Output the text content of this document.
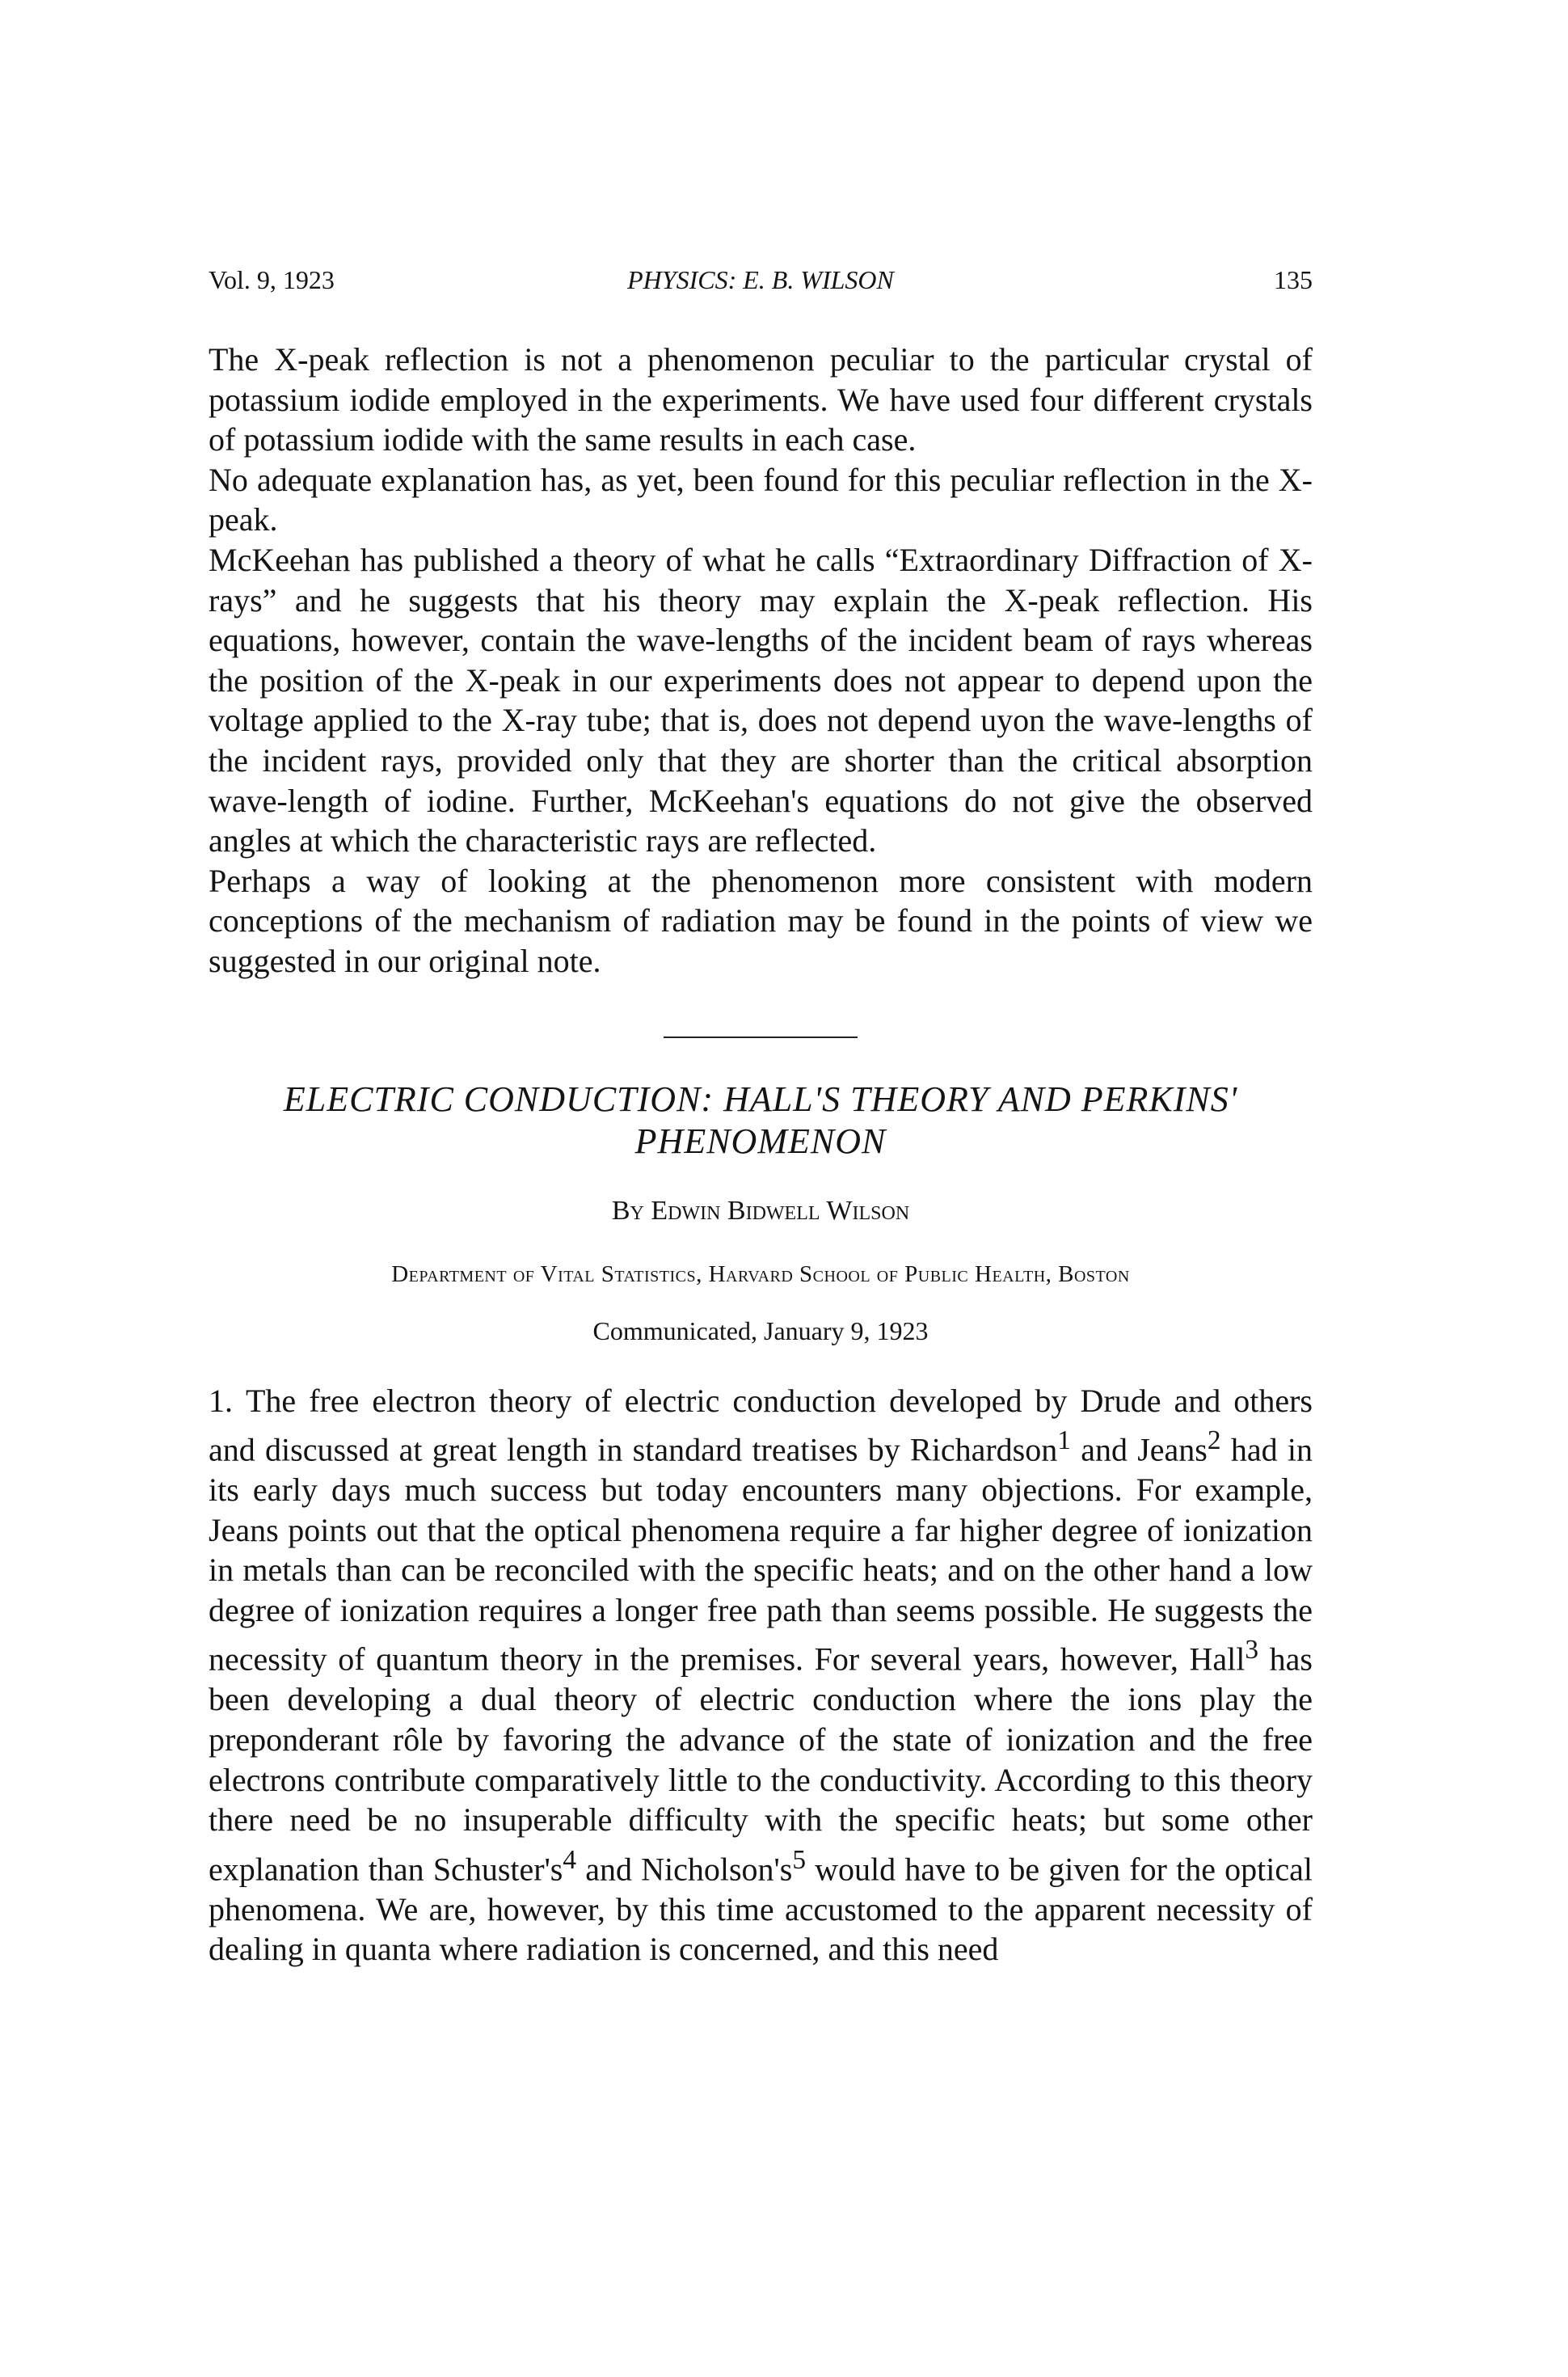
Vol. 9, 1923	PHYSICS: E. B. WILSON	135

The X-peak reflection is not a phenomenon peculiar to the particular crystal of potassium iodide employed in the experiments. We have used four different crystals of potassium iodide with the same results in each case.

No adequate explanation has, as yet, been found for this peculiar reflection in the X-peak.

McKeehan has published a theory of what he calls “Extraordinary Diffraction of X-rays” and he suggests that his theory may explain the X-peak reflection. His equations, however, contain the wave-lengths of the incident beam of rays whereas the position of the X-peak in our experiments does not appear to depend upon the voltage applied to the X-ray tube; that is, does not depend uyon the wave-lengths of the incident rays, provided only that they are shorter than the critical absorption wave-length of iodine. Further, McKeehan's equations do not give the observed angles at which the characteristic rays are reflected.

Perhaps a way of looking at the phenomenon more consistent with modern conceptions of the mechanism of radiation may be found in the points of view we suggested in our original note.

ELECTRIC CONDUCTION: HALL'S THEORY AND PERKINS'
PHENOMENON
By Edwin Bidwell Wilson
Department of Vital Statistics, Harvard School of Public Health, Boston
Communicated, January 9, 1923

1. The free electron theory of electric conduction developed by Drude and others and discussed at great length in standard treatises by Richardson$^1$ and Jeans$^2$ had in its early days much success but today encounters many objections. For example, Jeans points out that the optical phenomena require a far higher degree of ionization in metals than can be reconciled with the specific heats; and on the other hand a low degree of ionization requires a longer free path than seems possible. He suggests the necessity of quantum theory in the premises. For several years, however, Hall$^3$ has been developing a dual theory of electric conduction where the ions play the preponderant rôle by favoring the advance of the state of ionization and the free electrons contribute comparatively little to the conductivity. According to this theory there need be no insuperable difficulty with the specific heats; but some other explanation than $Schuster's^4$ and $Nicholson's^5$ would have to be given for the optical phenomena. We are, however, by this time accustomed to the apparent necessity of dealing in quanta where radiation is concerned, and this need
